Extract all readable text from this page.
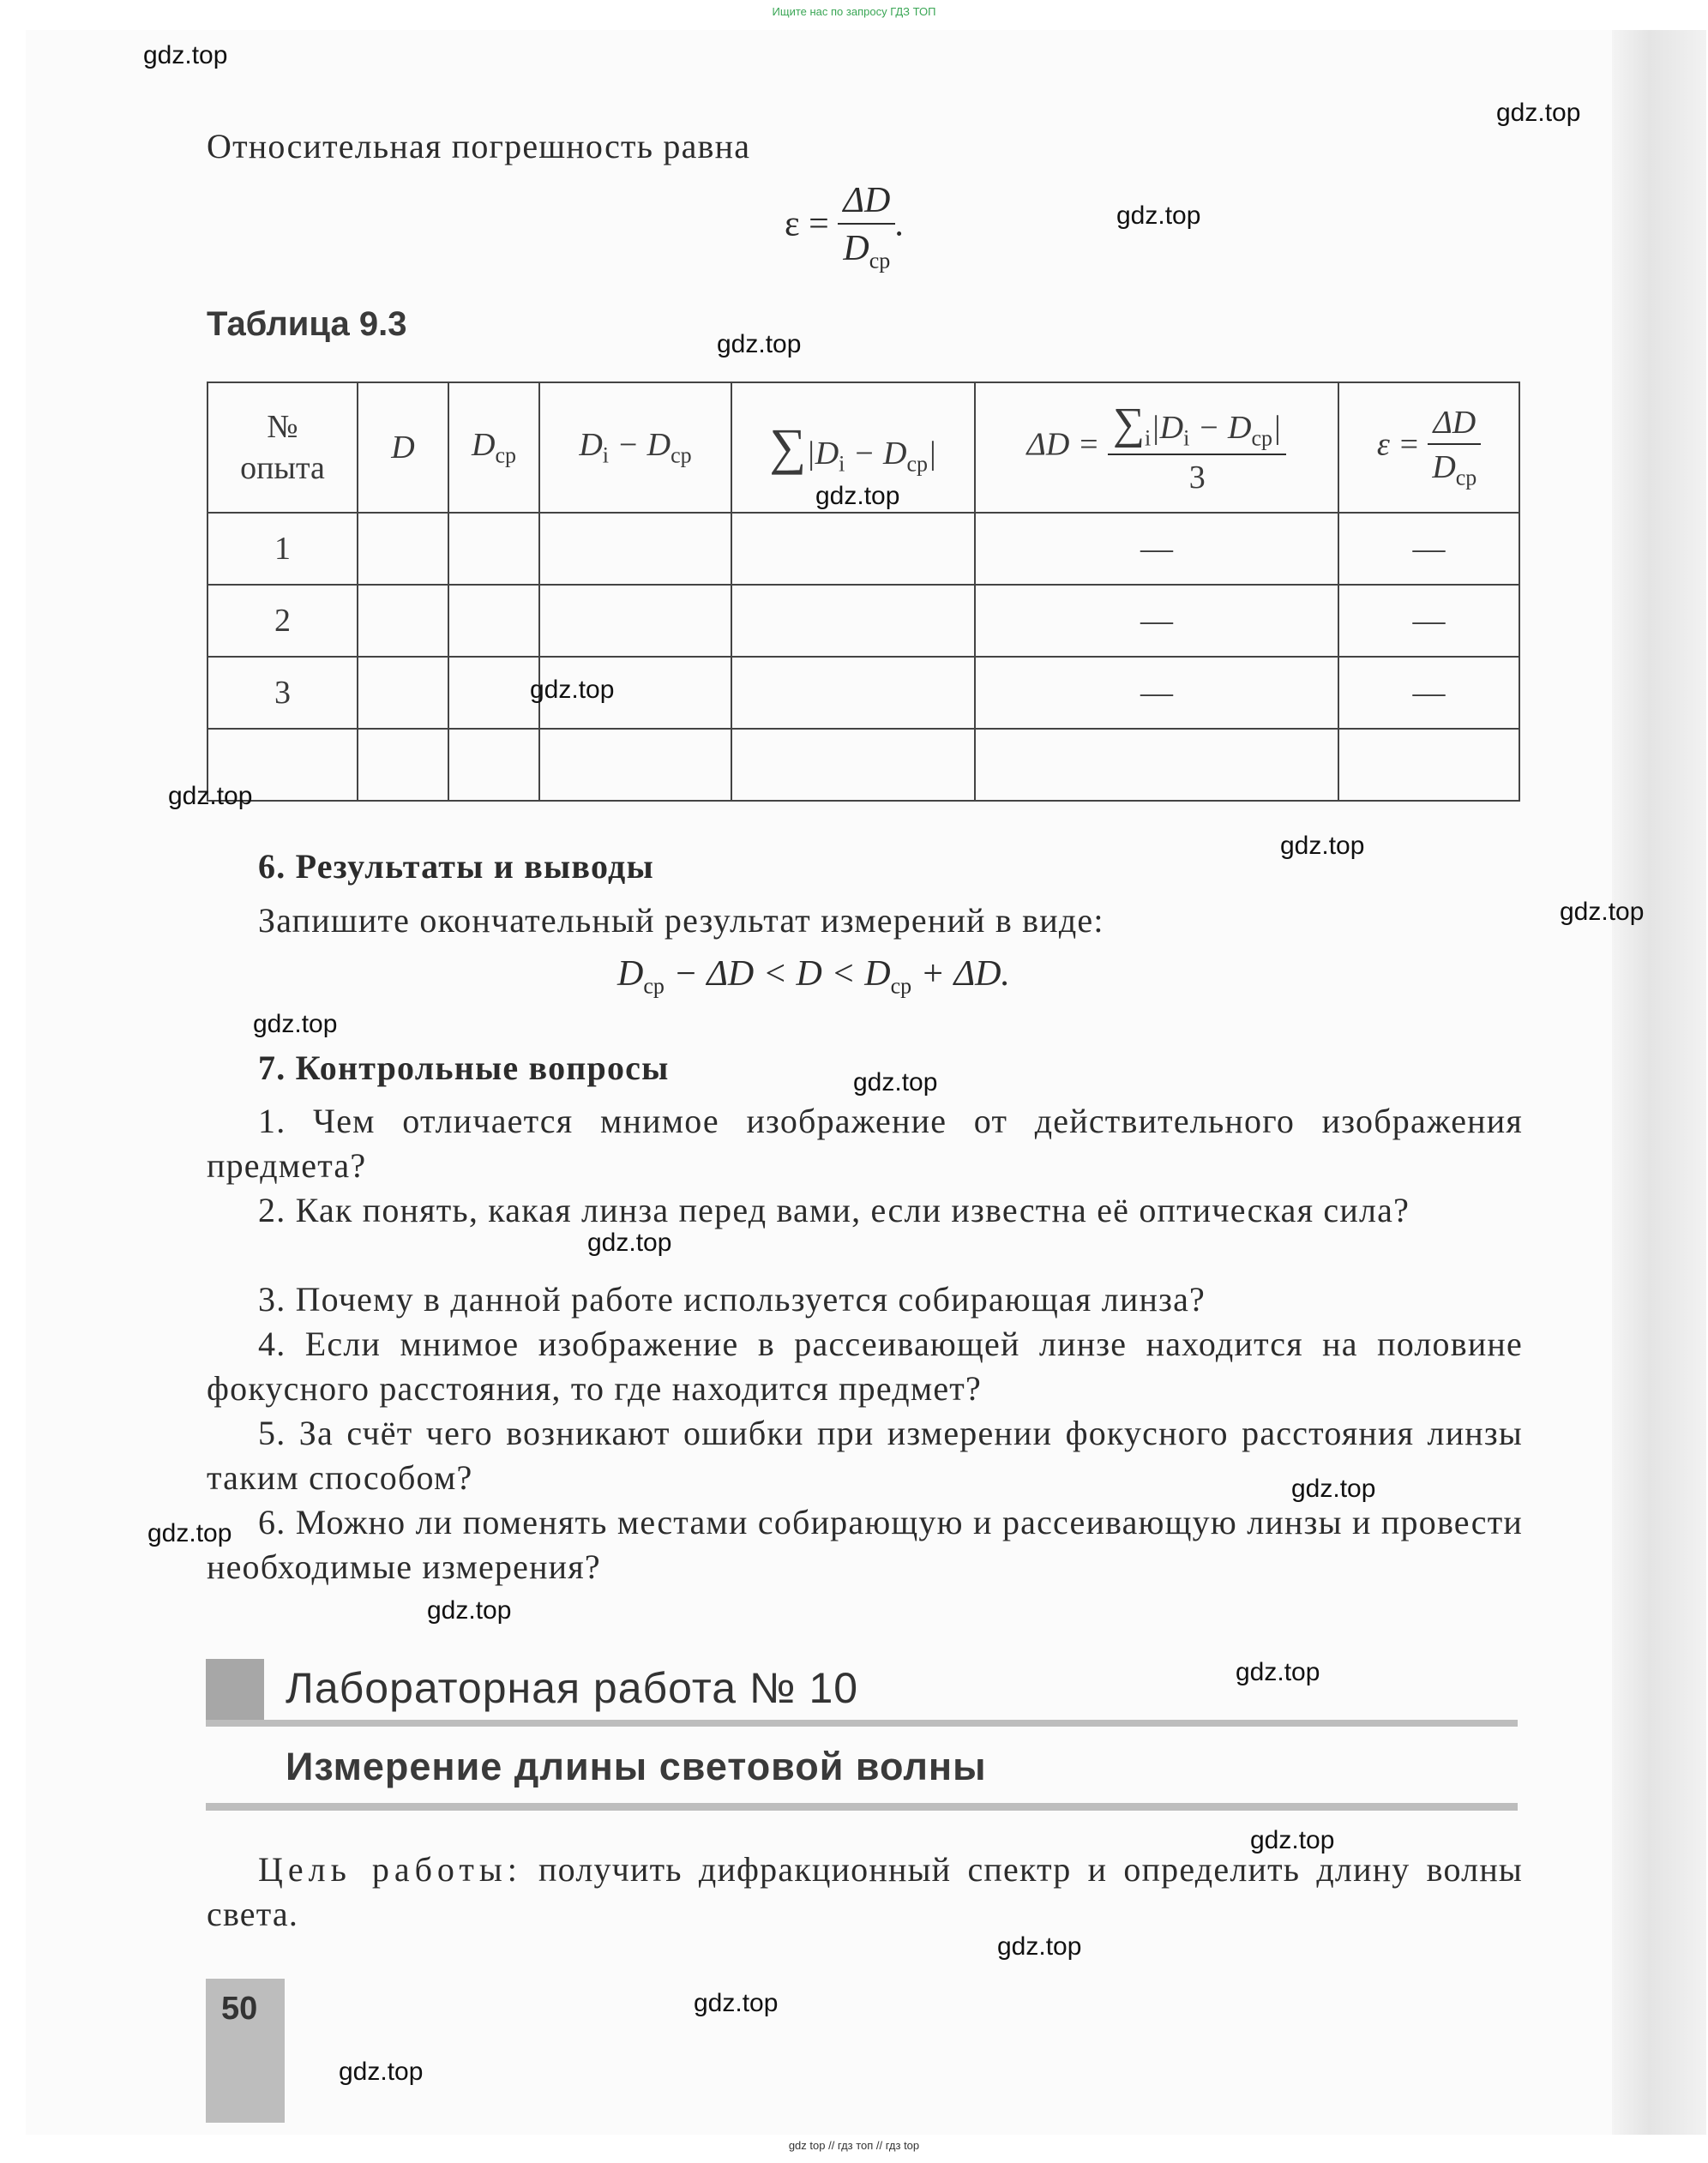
Ищите нас по запросу ГДЗ ТОП
Относительная погрешность равна
$\varepsilon = \frac{\Delta D}{D_{ср}}$ .
Таблица 9.3
№
опыта	D	$D_{ср}$	$D_i - D_{ср}$	$\sum|D_i - D_{ср}|$	$\Delta D = \frac{\sum_i|D_i - D_{ср}|}{3}$	$\varepsilon = \frac{\Delta D}{D_{ср}}$

1					—	—
2					—	—
3					—	—

6. Результаты и выводы
Запишите окончательный результат измерений в виде:
$D_{ср} - \Delta D < D < D_{ср} + \Delta D$.
7. Контрольные вопросы
1. Чем отличается мнимое изображение от действительного изображения предмета?
2. Как понять, какая линза перед вами, если известна её оптическая сила?
3. Почему в данной работе используется собирающая линза?
4. Если мнимое изображение в рассеивающей линзе находится на половине фокусного расстояния, то где находится предмет?
5. За счёт чего возникают ошибки при измерении фокусного расстояния линзы таким способом?
6. Можно ли поменять местами собирающую и рассеивающую линзы и провести необходимые измерения?
Лабораторная работа № 10
Измерение длины световой волны
Цель работы: получить дифракционный спектр и определить длину волны света.
50
gdz.top
gdz.top
gdz.top
gdz.top
gdz.top
gdz.top
gdz.top
gdz.top
gdz.top
gdz.top
gdz.top
gdz.top
gdz.top
gdz.top
gdz.top
gdz.top
gdz.top
gdz.top
gdz.top
gdz.top
gdz top // гдз топ // гдз top
